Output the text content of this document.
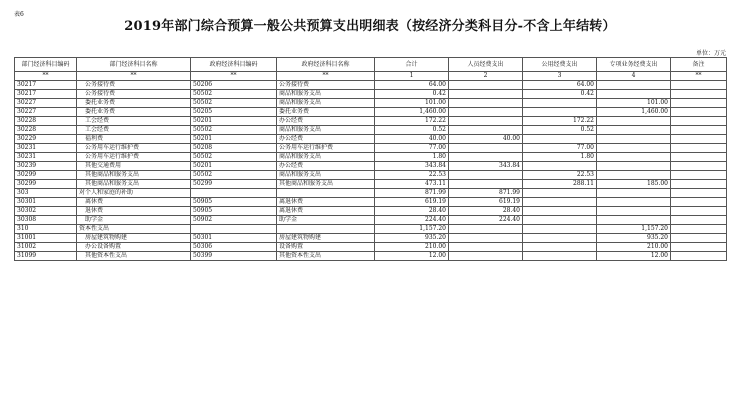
表6
2019年部门综合预算一般公共预算支出明细表（按经济分类科目分-不含上年结转）
单位：万元
部门经济科目编码	部门经济科目名称	政府经济科目编码	政府经济科目名称	合计	人员经费支出	公用经费支出	专项业务经费支出	备注
**	**	**	**	1	2	3	4	**
30217	公务接待费	50206	公务接待费	64.00		64.00		
30217	公务接待费	50502	商品和服务支出	0.42		0.42		
30227	委托业务费	50502	商品和服务支出	101.00			101.00	
30227	委托业务费	50205	委托业务费	1,460.00			1,460.00	
30228	工会经费	50201	办公经费	172.22		172.22		
30228	工会经费	50502	商品和服务支出	0.52		0.52		
30229	福利费	50201	办公经费	40.00	40.00			
30231	公务用车运行维护费	50208	公务用车运行维护费	77.00		77.00		
30231	公务用车运行维护费	50502	商品和服务支出	1.80		1.80		
30239	其他交通费用	50201	办公经费	343.84	343.84			
30299	其他商品和服务支出	50502	商品和服务支出	22.53		22.53		
30299	其他商品和服务支出	50299	其他商品和服务支出	473.11		288.11	185.00	
303	对个人和家庭的补助			871.99	871.99			
30301	离休费	50905	离退休费	619.19	619.19			
30302	退休费	50905	离退休费	28.40	28.40			
30308	助学金	50902	助学金	224.40	224.40			
310	资本性支出			1,157.20			1,157.20	
31001	房屋建筑物购建	50301	房屋建筑物购建	935.20			935.20	
31002	办公设备购置	50306	设备购置	210.00			210.00	
31099	其他资本性支出	50399	其他资本性支出	12.00			12.00	
